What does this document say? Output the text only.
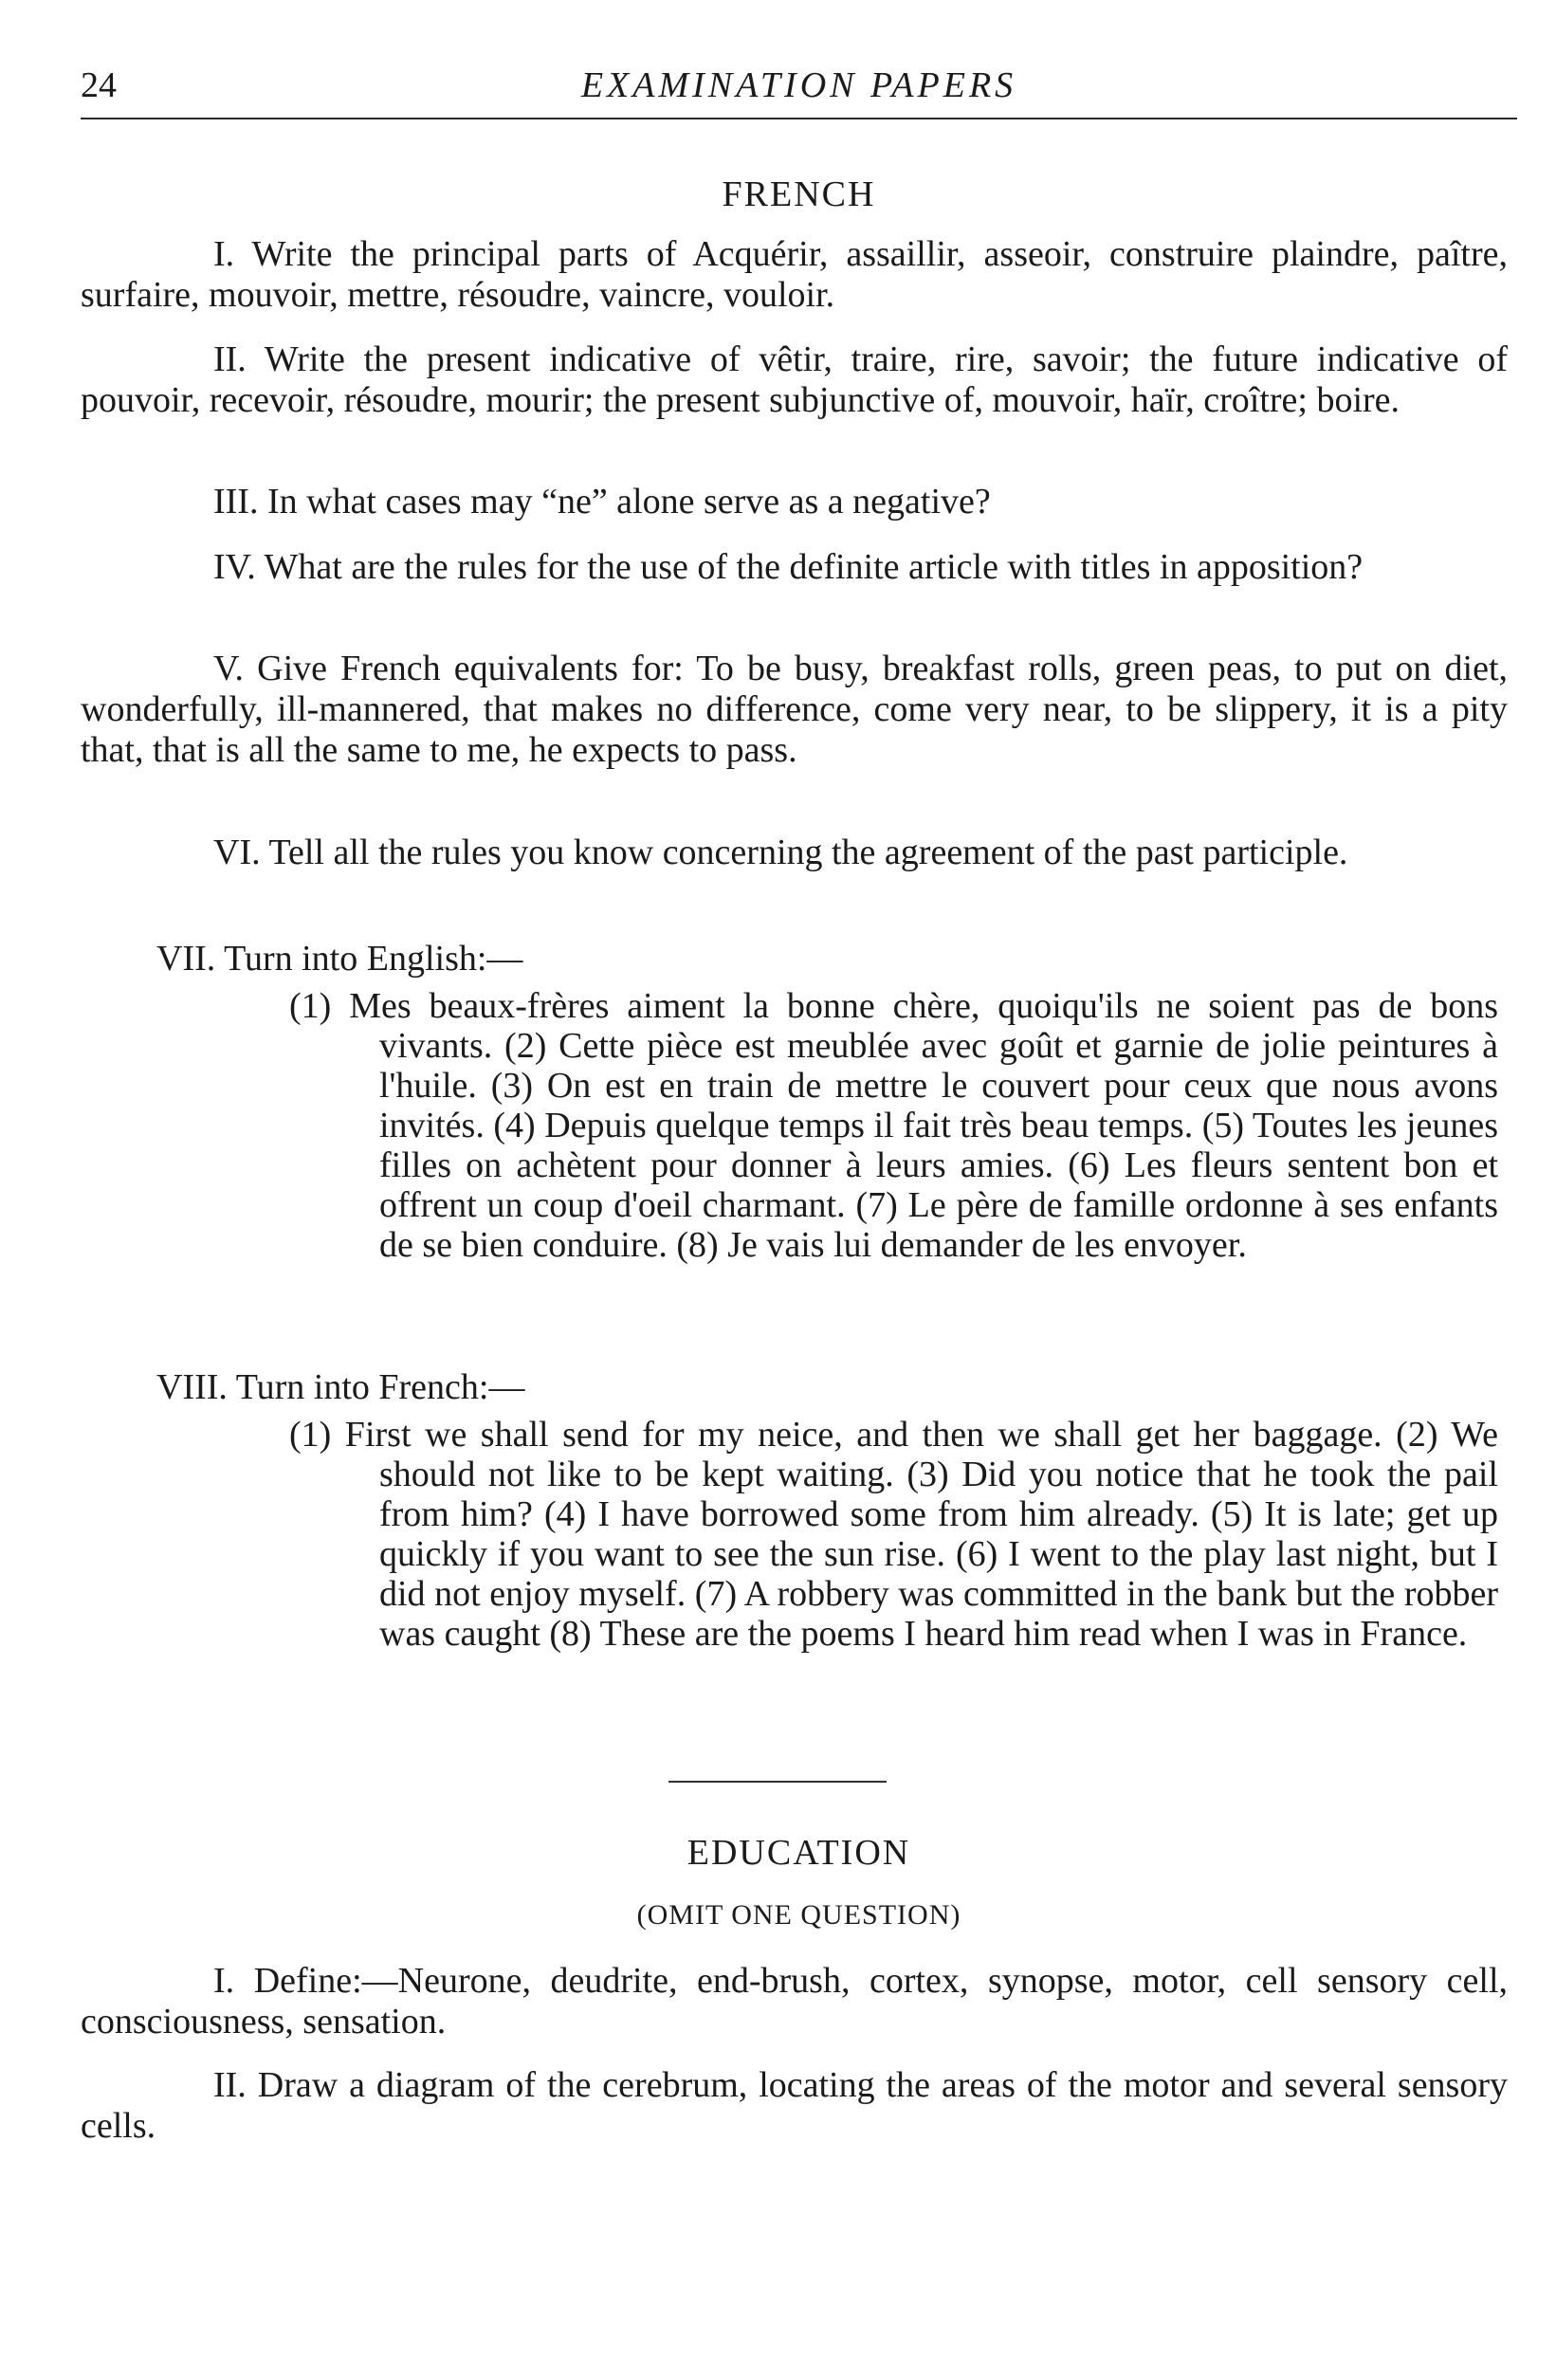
24	EXAMINATION PAPERS
FRENCH

I. Write the principal parts of Acquérir, assaillir, asseoir, construire plaindre, paître, surfaire, mouvoir, mettre, résoudre, vaincre, vouloir.

II. Write the present indicative of vêtir, traire, rire, savoir; the future indicative of pouvoir, recevoir, résoudre, mourir; the present subjunctive of, mouvoir, haïr, croître; boire.

III. In what cases may “ne” alone serve as a negative?

IV. What are the rules for the use of the definite article with titles in apposition?

V. Give French equivalents for: To be busy, breakfast rolls, green peas, to put on diet, wonderfully, ill-mannered, that makes no difference, come very near, to be slippery, it is a pity that, that is all the same to me, he expects to pass.

VI. Tell all the rules you know concerning the agreement of the past participle.

VII. Turn into English:—

(1) Mes beaux-frères aiment la bonne chère, quoiqu'ils ne soient pas de bons vivants. (2) Cette pièce est meublée avec goût et garnie de jolie peintures à l'huile. (3) On est en train de mettre le couvert pour ceux que nous avons invités. (4) Depuis quelque temps il fait très beau temps. (5) Toutes les jeunes filles on achètent pour donner à leurs amies. (6) Les fleurs sentent bon et offrent un coup d'oeil charmant. (7) Le père de famille ordonne à ses enfants de se bien conduire. (8) Je vais lui demander de les envoyer.

VIII. Turn into French:—

(1) First we shall send for my neice, and then we shall get her baggage. (2) We should not like to be kept waiting. (3) Did you notice that he took the pail from him? (4) I have borrowed some from him already. (5) It is late; get up quickly if you want to see the sun rise. (6) I went to the play last night, but I did not enjoy myself. (7) A robbery was committed in the bank but the robber was caught (8) These are the poems I heard him read when I was in France.

EDUCATION
(OMIT ONE QUESTION)

I. Define:—Neurone, deudrite, end-brush, cortex, synopse, motor, cell sensory cell, consciousness, sensation.

II. Draw a diagram of the cerebrum, locating the areas of the motor and several sensory cells.
